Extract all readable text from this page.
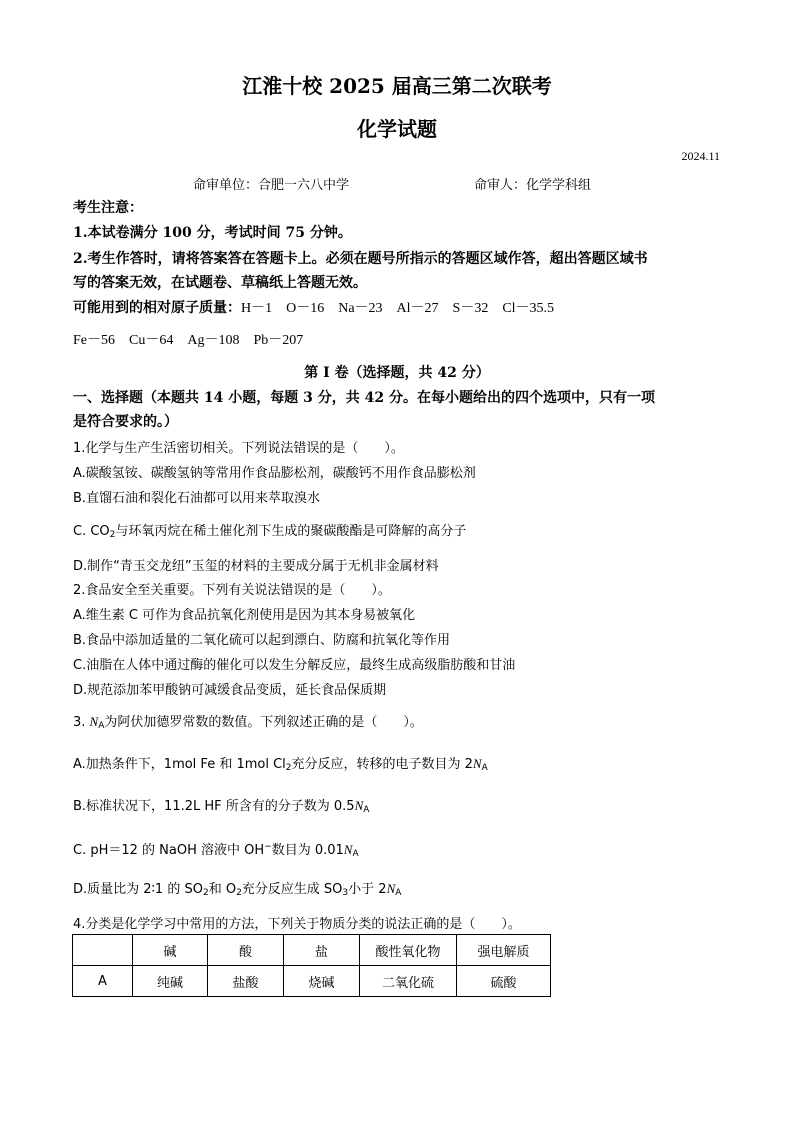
江淮十校 2025 届高三第二次联考
化学试题
2024.11
命审单位：合肥一六八中学	命审人：化学学科组
考生注意：
1.本试卷满分 100 分，考试时间 75 分钟。
2.考生作答时，请将答案答在答题卡上。必须在题号所指示的答题区域作答，超出答题区域书
写的答案无效，在试题卷、草稿纸上答题无效。
可能用到的相对原子质量：H－1　O－16　Na－23　Al－27　S－32　Cl－35.5
Fe－56　Cu－64　Ag－108　Pb－207
第 I 卷（选择题，共 42 分）
一、选择题（本题共 14 小题，每题 3 分，共 42 分。在每小题给出的四个选项中，只有一项
是符合要求的。）
1.化学与生产生活密切相关。下列说法错误的是（　　）。
A.碳酸氢铵、碳酸氢钠等常用作食品膨松剂，碳酸钙不用作食品膨松剂
B.直馏石油和裂化石油都可以用来萃取溴水
C. $CO_2$与环氧丙烷在稀土催化剂下生成的聚碳酸酯是可降解的高分子
D.制作“青玉交龙纽”玉玺的材料的主要成分属于无机非金属材料
2.食品安全至关重要。下列有关说法错误的是（　　）。
A.维生素 C 可作为食品抗氧化剂使用是因为其本身易被氧化
B.食品中添加适量的二氧化硫可以起到漂白、防腐和抗氧化等作用
C.油脂在人体中通过酶的催化可以发生分解反应，最终生成高级脂肪酸和甘油
D.规范添加苯甲酸钠可减缓食品变质，延长食品保质期
3. $N_A$为阿伏加德罗常数的数值。下列叙述正确的是（　　）。
A.加热条件下，1mol Fe 和 1mol $Cl_2$充分反应，转移的电子数目为 $2N_A$
B.标准状况下，11.2L HF 所含有的分子数为 $0.5N_A$
C. pH＝12 的 NaOH 溶液中 OH−数目为 $0.01N_A$
D.质量比为 2∶1 的 $SO_2$和 $O_2$充分反应生成 $SO_3$小于 $2N_A$
4.分类是化学学习中常用的方法，下列关于物质分类的说法正确的是（　　）。
	碱	酸	盐	酸性氧化物	强电解质
A	纯碱	盐酸	烧碱	二氧化硫	硫酸
